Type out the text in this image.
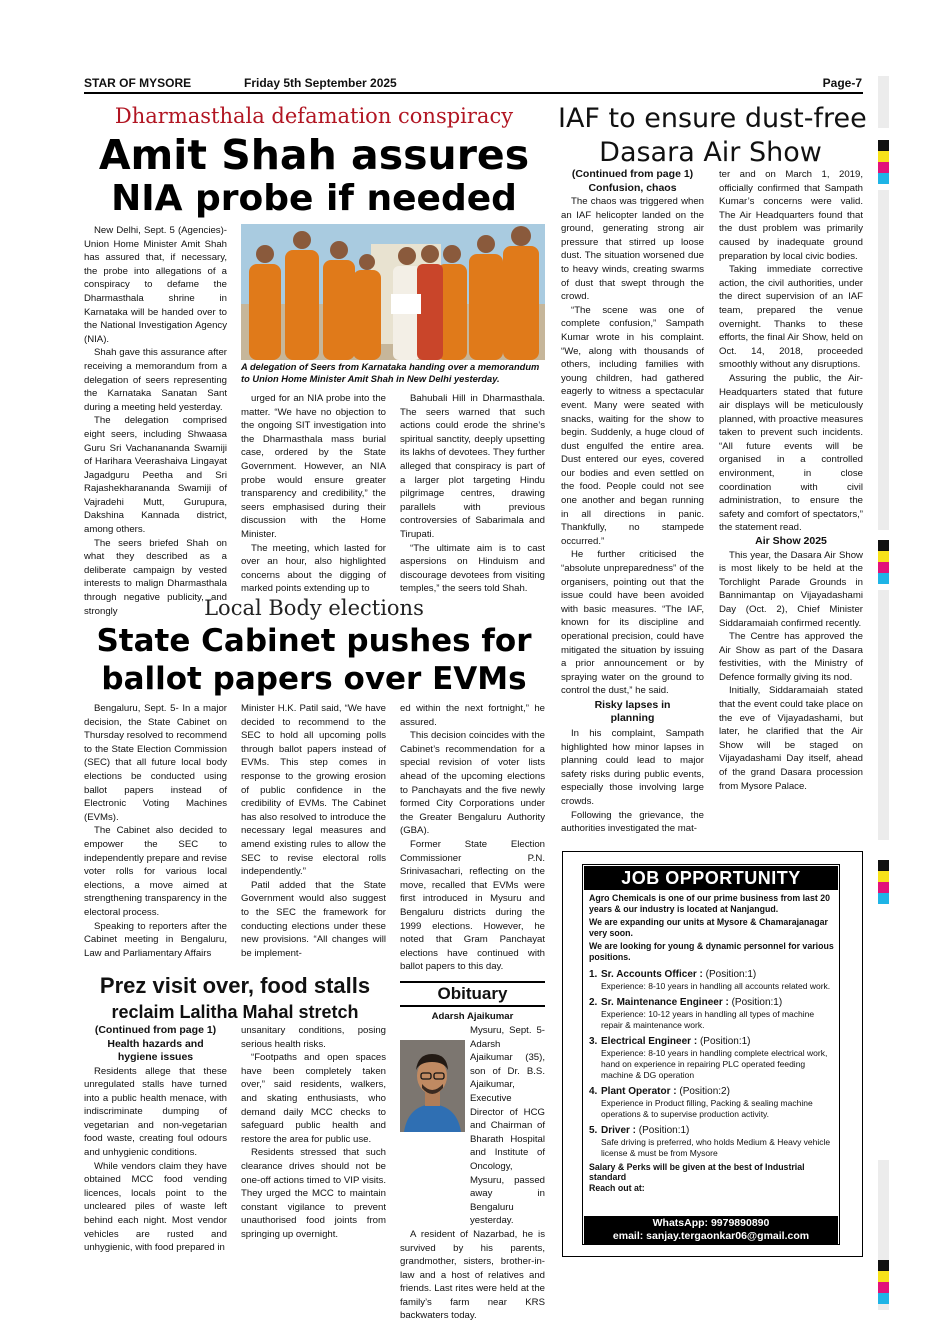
STAR OF MYSORE	Friday 5th September 2025	Page-7
Dharmasthala defamation conspiracy
Amit Shah assures
NIA probe if needed

New Delhi, Sept. 5 (Agencies)- Union Home Minister Amit Shah has assured that, if necessary, the probe into allegations of a conspiracy to defame the Dharmasthala shrine in Karnataka will be handed over to the National Investigation Agency (NIA).

Shah gave this assurance after receiving a memorandum from a delegation of seers representing the Karnataka Sanatan Sant during a meeting held yesterday.

The delegation comprised eight seers, including Shwaasa Guru Sri Vachanananda Swamiji of Harihara Veerashaiva Lingayat Jagadguru Peetha and Sri Rajashekharananda Swamiji of Vajradehi Mutt, Gurupura, Dakshina Kannada district, among others.

The seers briefed Shah on what they described as a deliberate campaign by vested interests to malign Dharmasthala through negative publicity, and strongly

A delegation of Seers from Karnataka handing over a memorandum to Union Home Minister Amit Shah in New Delhi yesterday.

urged for an NIA probe into the matter. “We have no objection to the ongoing SIT investigation into the Dharmasthala mass burial case, ordered by the State Government. However, an NIA probe would ensure greater transparency and credibility,” the seers emphasised during their discussion with the Home Minister.

The meeting, which lasted for over an hour, also highlighted concerns about the digging of marked points extending up to

Bahubali Hill in Dharmasthala. The seers warned that such actions could erode the shrine’s spiritual sanctity, deeply upsetting its lakhs of devotees. They further alleged that conspiracy is part of a larger plot targeting Hindu pilgrimage centres, drawing parallels with previous controversies of Sabarimala and Tirupati.

“The ultimate aim is to cast aspersions on Hinduism and discourage devotees from visiting temples,” the seers told Shah.

Local Body elections
State Cabinet pushes for
ballot papers over EVMs

Bengaluru, Sept. 5- In a major decision, the State Cabinet on Thursday resolved to recommend to the State Election Commission (SEC) that all future local body elections be conducted using ballot papers instead of Electronic Voting Machines (EVMs).

The Cabinet also decided to empower the SEC to independently prepare and revise voter rolls for various local elections, a move aimed at strengthening transparency in the electoral process.

Speaking to reporters after the Cabinet meeting in Bengaluru, Law and Parliamentary Affairs

Minister H.K. Patil said, “We have decided to recommend to the SEC to hold all upcoming polls through ballot papers instead of EVMs. This step comes in response to the growing erosion of public confidence in the credibility of EVMs. The Cabinet has also resolved to introduce the necessary legal measures and amend existing rules to allow the SEC to revise electoral rolls independently.”

Patil added that the State Government would also suggest to the SEC the framework for conducting elections under these new provisions. “All changes will be implement-

ed within the next fortnight,” he assured.

This decision coincides with the Cabinet’s recommendation for a special revision of voter lists ahead of the upcoming elections to Panchayats and the five newly formed City Corporations under the Greater Bengaluru Authority (GBA).

Former State Election Commissioner P.N. Srinivasachari, reflecting on the move, recalled that EVMs were first introduced in Mysuru and Bengaluru districts during the 1999 elections. However, he noted that Gram Panchayat elections have continued with ballot papers to this day.

IAF to ensure dust-free
Dasara Air Show
(Continued from page 1)
Confusion, chaos

The chaos was triggered when an IAF helicopter landed on the ground, generating strong air pressure that stirred up loose dust. The situation worsened due to heavy winds, creating swarms of dust that swept through the crowd.

“The scene was one of complete confusion,” Sampath Kumar wrote in his complaint. “We, along with thousands of others, including families with young children, had gathered eagerly to witness a spectacular event. Many were seated with snacks, waiting for the show to begin. Suddenly, a huge cloud of dust engulfed the entire area. Dust entered our eyes, covered our bodies and even settled on the food. People could not see one another and began running in all directions in panic. Thankfully, no stampede occurred.”

He further criticised the “absolute unpreparedness” of the organisers, pointing out that the issue could have been avoided with basic measures. “The IAF, known for its discipline and operational precision, could have mitigated the situation by issuing a prior announcement or by spraying water on the ground to control the dust,” he said.

Risky lapses in planning

In his complaint, Sampath highlighted how minor lapses in planning could lead to major safety risks during public events, especially those involving large crowds.

Following the grievance, the authorities investigated the mat-

ter and on March 1, 2019, officially confirmed that Sampath Kumar’s concerns were valid. The Air Headquarters found that the dust problem was primarily caused by inadequate ground preparation by local civic bodies.

Taking immediate corrective action, the civil authorities, under the direct supervision of an IAF team, prepared the venue overnight. Thanks to these efforts, the final Air Show, held on Oct. 14, 2018, proceeded smoothly without any disruptions.

Assuring the public, the Air-Headquarters stated that future air displays will be meticulously planned, with proactive measures taken to prevent such incidents. “All future events will be organised in a controlled environment, in close coordination with civil administration, to ensure the safety and comfort of spectators,” the statement read.

Air Show 2025

This year, the Dasara Air Show is most likely to be held at the Torchlight Parade Grounds in Bannimantap on Vijayadashami Day (Oct. 2), Chief Minister Siddaramaiah confirmed recently.

The Centre has approved the Air Show as part of the Dasara festivities, with the Ministry of Defence formally giving its nod.

Initially, Siddaramaiah stated that the event could take place on the eve of Vijayadashami, but later, he clarified that the Air Show will be staged on Vijayadashami Day itself, ahead of the grand Dasara procession from Mysore Palace.

Prez visit over, food stalls
reclaim Lalitha Mahal stretch
(Continued from page 1)
Health hazards and hygiene issues

Residents allege that these unregulated stalls have turned into a public health menace, with indiscriminate dumping of vegetarian and non-vegetarian food waste, creating foul odours and unhygienic conditions.

While vendors claim they have obtained MCC food vending licences, locals point to the uncleared piles of waste left behind each night. Most vendor vehicles are rusted and unhygienic, with food prepared in

unsanitary conditions, posing serious health risks.

“Footpaths and open spaces have been completely taken over,” said residents, walkers, and skating enthusiasts, who demand daily MCC checks to safeguard public health and restore the area for public use.

Residents stressed that such clearance drives should not be one-off actions timed to VIP visits. They urged the MCC to maintain constant vigilance to prevent unauthorised food joints from springing up overnight.

Obituary
Adarsh Ajaikumar

Mysuru, Sept. 5- Adarsh Ajaikumar (35), son of Dr. B.S. Ajaikumar, Executive Director of HCG and Chairman of Bharath Hospital and Institute of Oncology, Mysuru, passed away in Bengaluru yesterday.

A resident of Nazarbad, he is survived by his parents, grandmother, sisters, brother-in-law and a host of relatives and friends. Last rites were held at the family’s farm near KRS backwaters today.

JOB OPPORTUNITY
Agro Chemicals is one of our prime business from last 20 years & our industry is located at Nanjangud.
We are expanding our units at Mysore & Chamarajanagar very soon.
We are looking for young & dynamic personnel for various positions.
1. Sr. Accounts Officer : (Position:1)
Experience: 8-10 years in handling all accounts related work.
2. Sr. Maintenance Engineer : (Position:1)
Experience: 10-12 years in handling all types of machine repair & maintenance work.
3. Electrical Engineer : (Position:1)
Experience: 8-10 years in handling complete electrical work, hand on experience in repairing PLC operated feeding machine & DG operation
4. Plant Operator : (Position:2)
Experience in Product filling, Packing & sealing machine operations & to supervise production activity.
5. Driver : (Position:1)
Safe driving is preferred, who holds Medium & Heavy vehicle license & must be from Mysore
Salary & Perks will be given at the best of Industrial standard
Reach out at:
WhatsApp: 9979890890
email: sanjay.tergaonkar06@gmail.com
